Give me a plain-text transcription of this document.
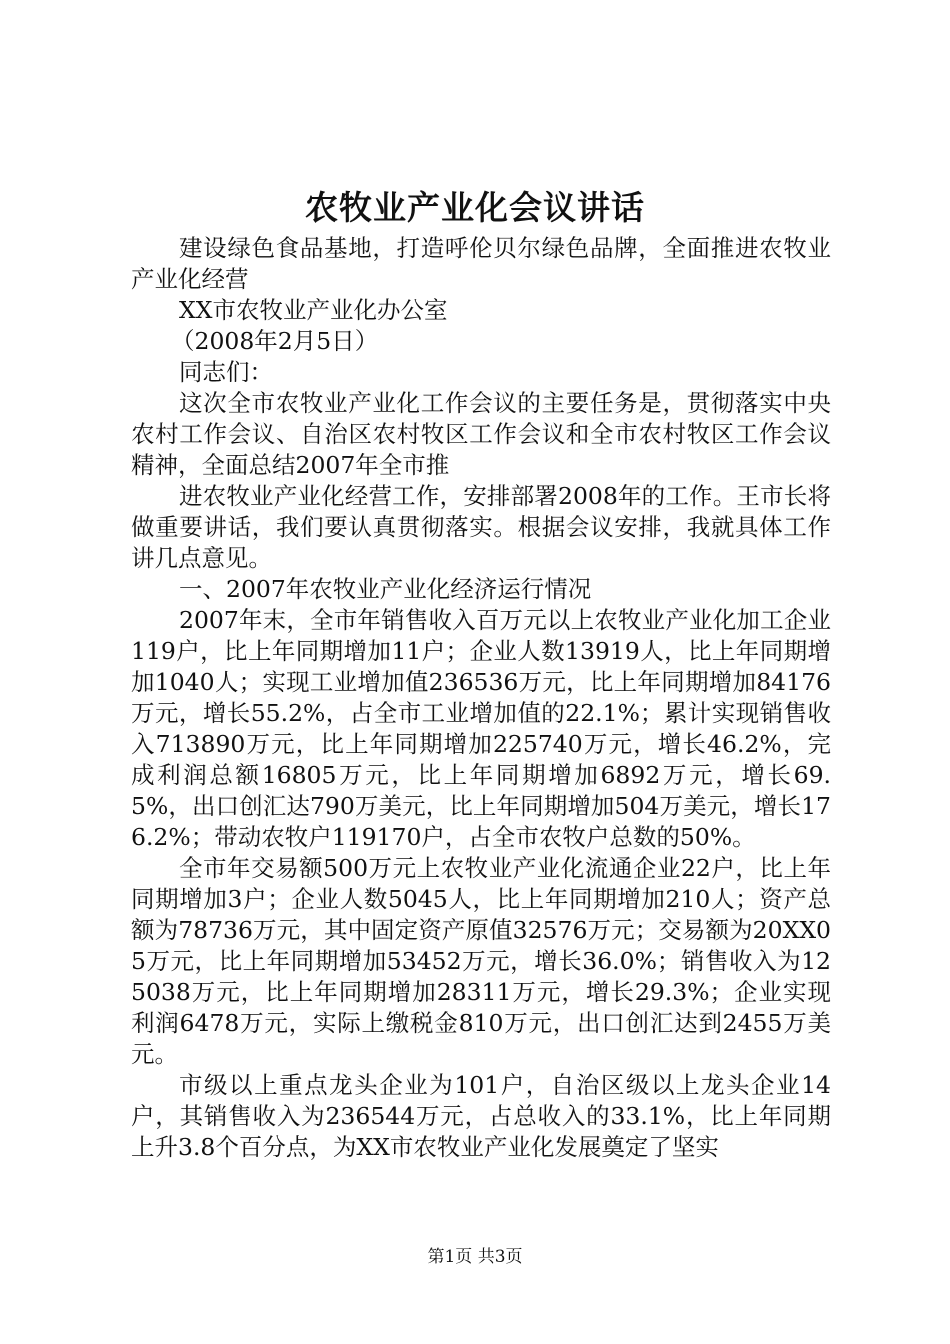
农牧业产业化会议讲话

建设绿色食品基地，打造呼伦贝尔绿色品牌，全面推进农牧业产业化经营

XX市农牧业产业化办公室

（2008年2月5日）

同志们：

这次全市农牧业产业化工作会议的主要任务是，贯彻落实中央农村工作会议、自治区农村牧区工作会议和全市农村牧区工作会议精神，全面总结2007年全市推

进农牧业产业化经营工作，安排部署2008年的工作。王市长将做重要讲话，我们要认真贯彻落实。根据会议安排，我就具体工作讲几点意见。

一、2007年农牧业产业化经济运行情况

2007年末，全市年销售收入百万元以上农牧业产业化加工企业119户，比上年同期增加11户；企业人数13919人，比上年同期增加1040人；实现工业增加值236536万元，比上年同期增加84176万元，增长55.2%，占全市工业增加值的22.1%；累计实现销售收入713890万元，比上年同期增加225740万元，增长46.2%，完成利润总额16805万元，比上年同期增加6892万元，增长69.5%，出口创汇达790万美元，比上年同期增加504万美元，增长176.2%；带动农牧户119170户，占全市农牧户总数的50%。

全市年交易额500万元上农牧业产业化流通企业22户，比上年同期增加3户；企业人数5045人，比上年同期增加210人；资产总额为78736万元，其中固定资产原值32576万元；交易额为20XX05万元，比上年同期增加53452万元，增长36.0%；销售收入为125038万元，比上年同期增加28311万元，增长29.3%；企业实现利润6478万元，实际上缴税金810万元，出口创汇达到2455万美元。

市级以上重点龙头企业为101户，自治区级以上龙头企业14户，其销售收入为236544万元，占总收入的33.1%，比上年同期上升3.8个百分点，为XX市农牧业产业化发展奠定了坚实

第1页 共3页
